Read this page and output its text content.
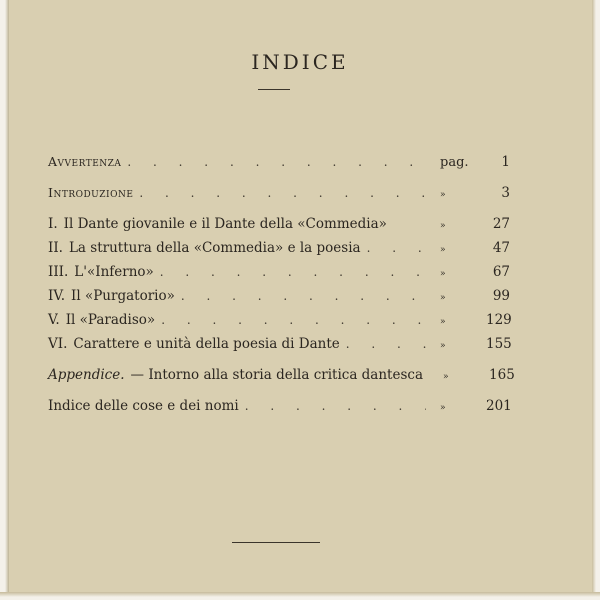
INDICE
Avvertenza . . .	pag.	1
Introduzione . . .	»	3
I. Il Dante giovanile e il Dante della «Commedia»	»	27
II. La struttura della «Commedia» e la poesia . . .	»	47
III. L'«Inferno» . . .	»	67
IV. Il «Purgatorio» . . .	»	99
V. Il «Paradiso» . . .	»	129
VI. Carattere e unità della poesia di Dante . . .	»	155
Appendice. — Intorno alla storia della critica dantesca	»	165
Indice delle cose e dei nomi . . .	»	201
